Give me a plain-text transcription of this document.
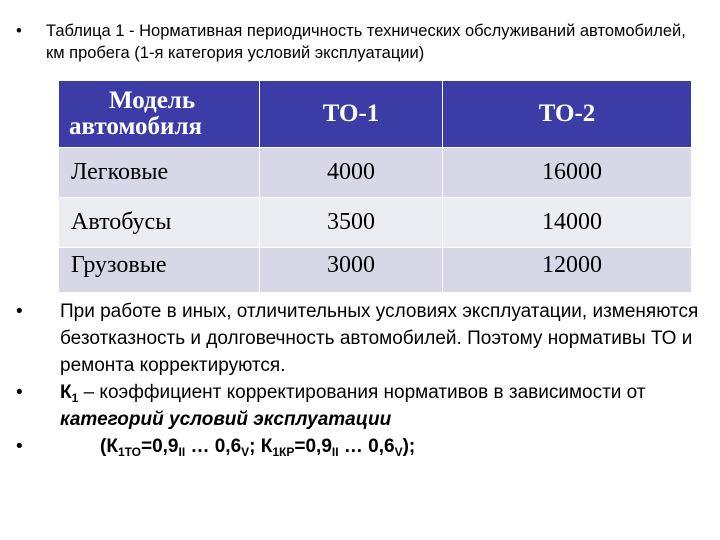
• Таблица 1 - Нормативная периодичность технических обслуживаний автомобилей, км пробега (1-я категория условий эксплуатации)
Модель
автомобиля	ТО-1	ТО-2
Легковые	4000	16000
Автобусы	3500	14000
Грузовые	3000	12000
• При работе в иных, отличительных условиях эксплуатации, изменяются безотказность и долговечность автомобилей. Поэтому нормативы ТО и ремонта корректируются.
• $К_1$ – коэффициент корректирования нормативов в зависимости от категорий условий эксплуатации
•	($К_{1ТО}=0,9_{II}$ … $0,6_V$; $К_{1КР}=0,9_{II}$ … $0,6_V$);
